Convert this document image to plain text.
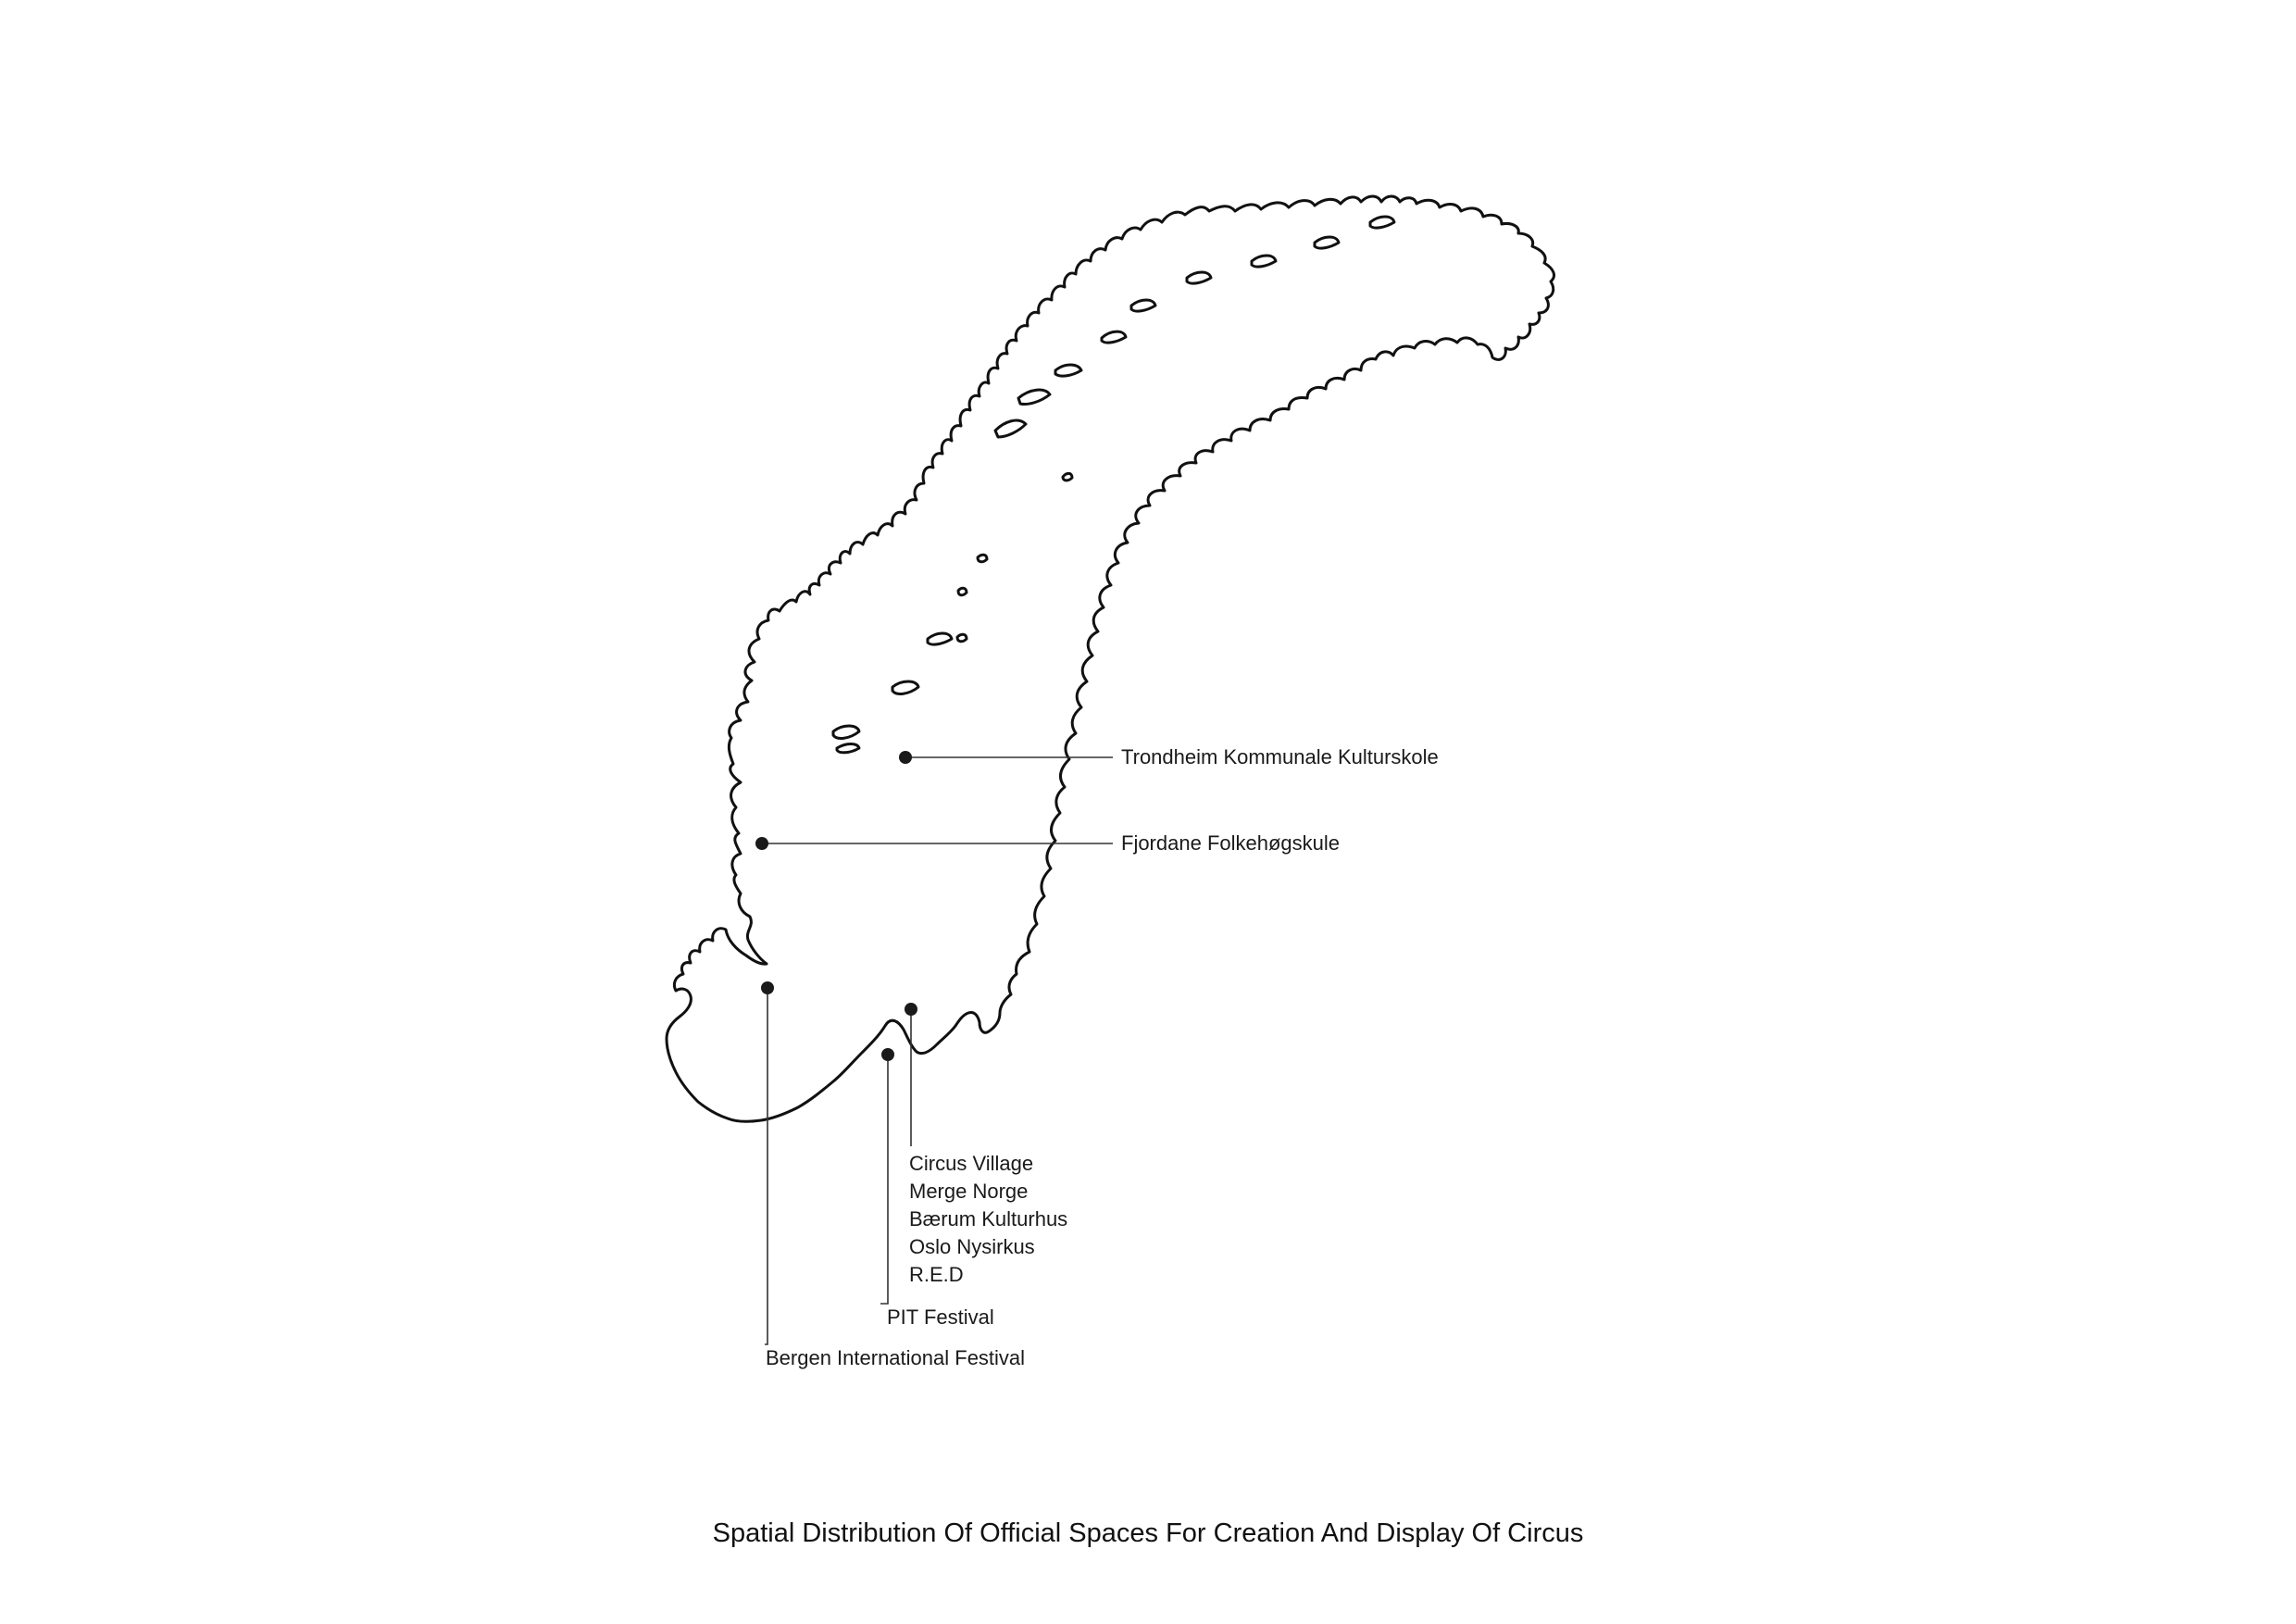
Trondheim Kommunale Kulturskole
Fjordane Folkehøgskule
Circus Village
Merge Norge
Bærum Kulturhus
Oslo Nysirkus
R.E.D
PIT Festival
Bergen International Festival
Spatial Distribution Of Official Spaces For Creation And Display Of Circus
